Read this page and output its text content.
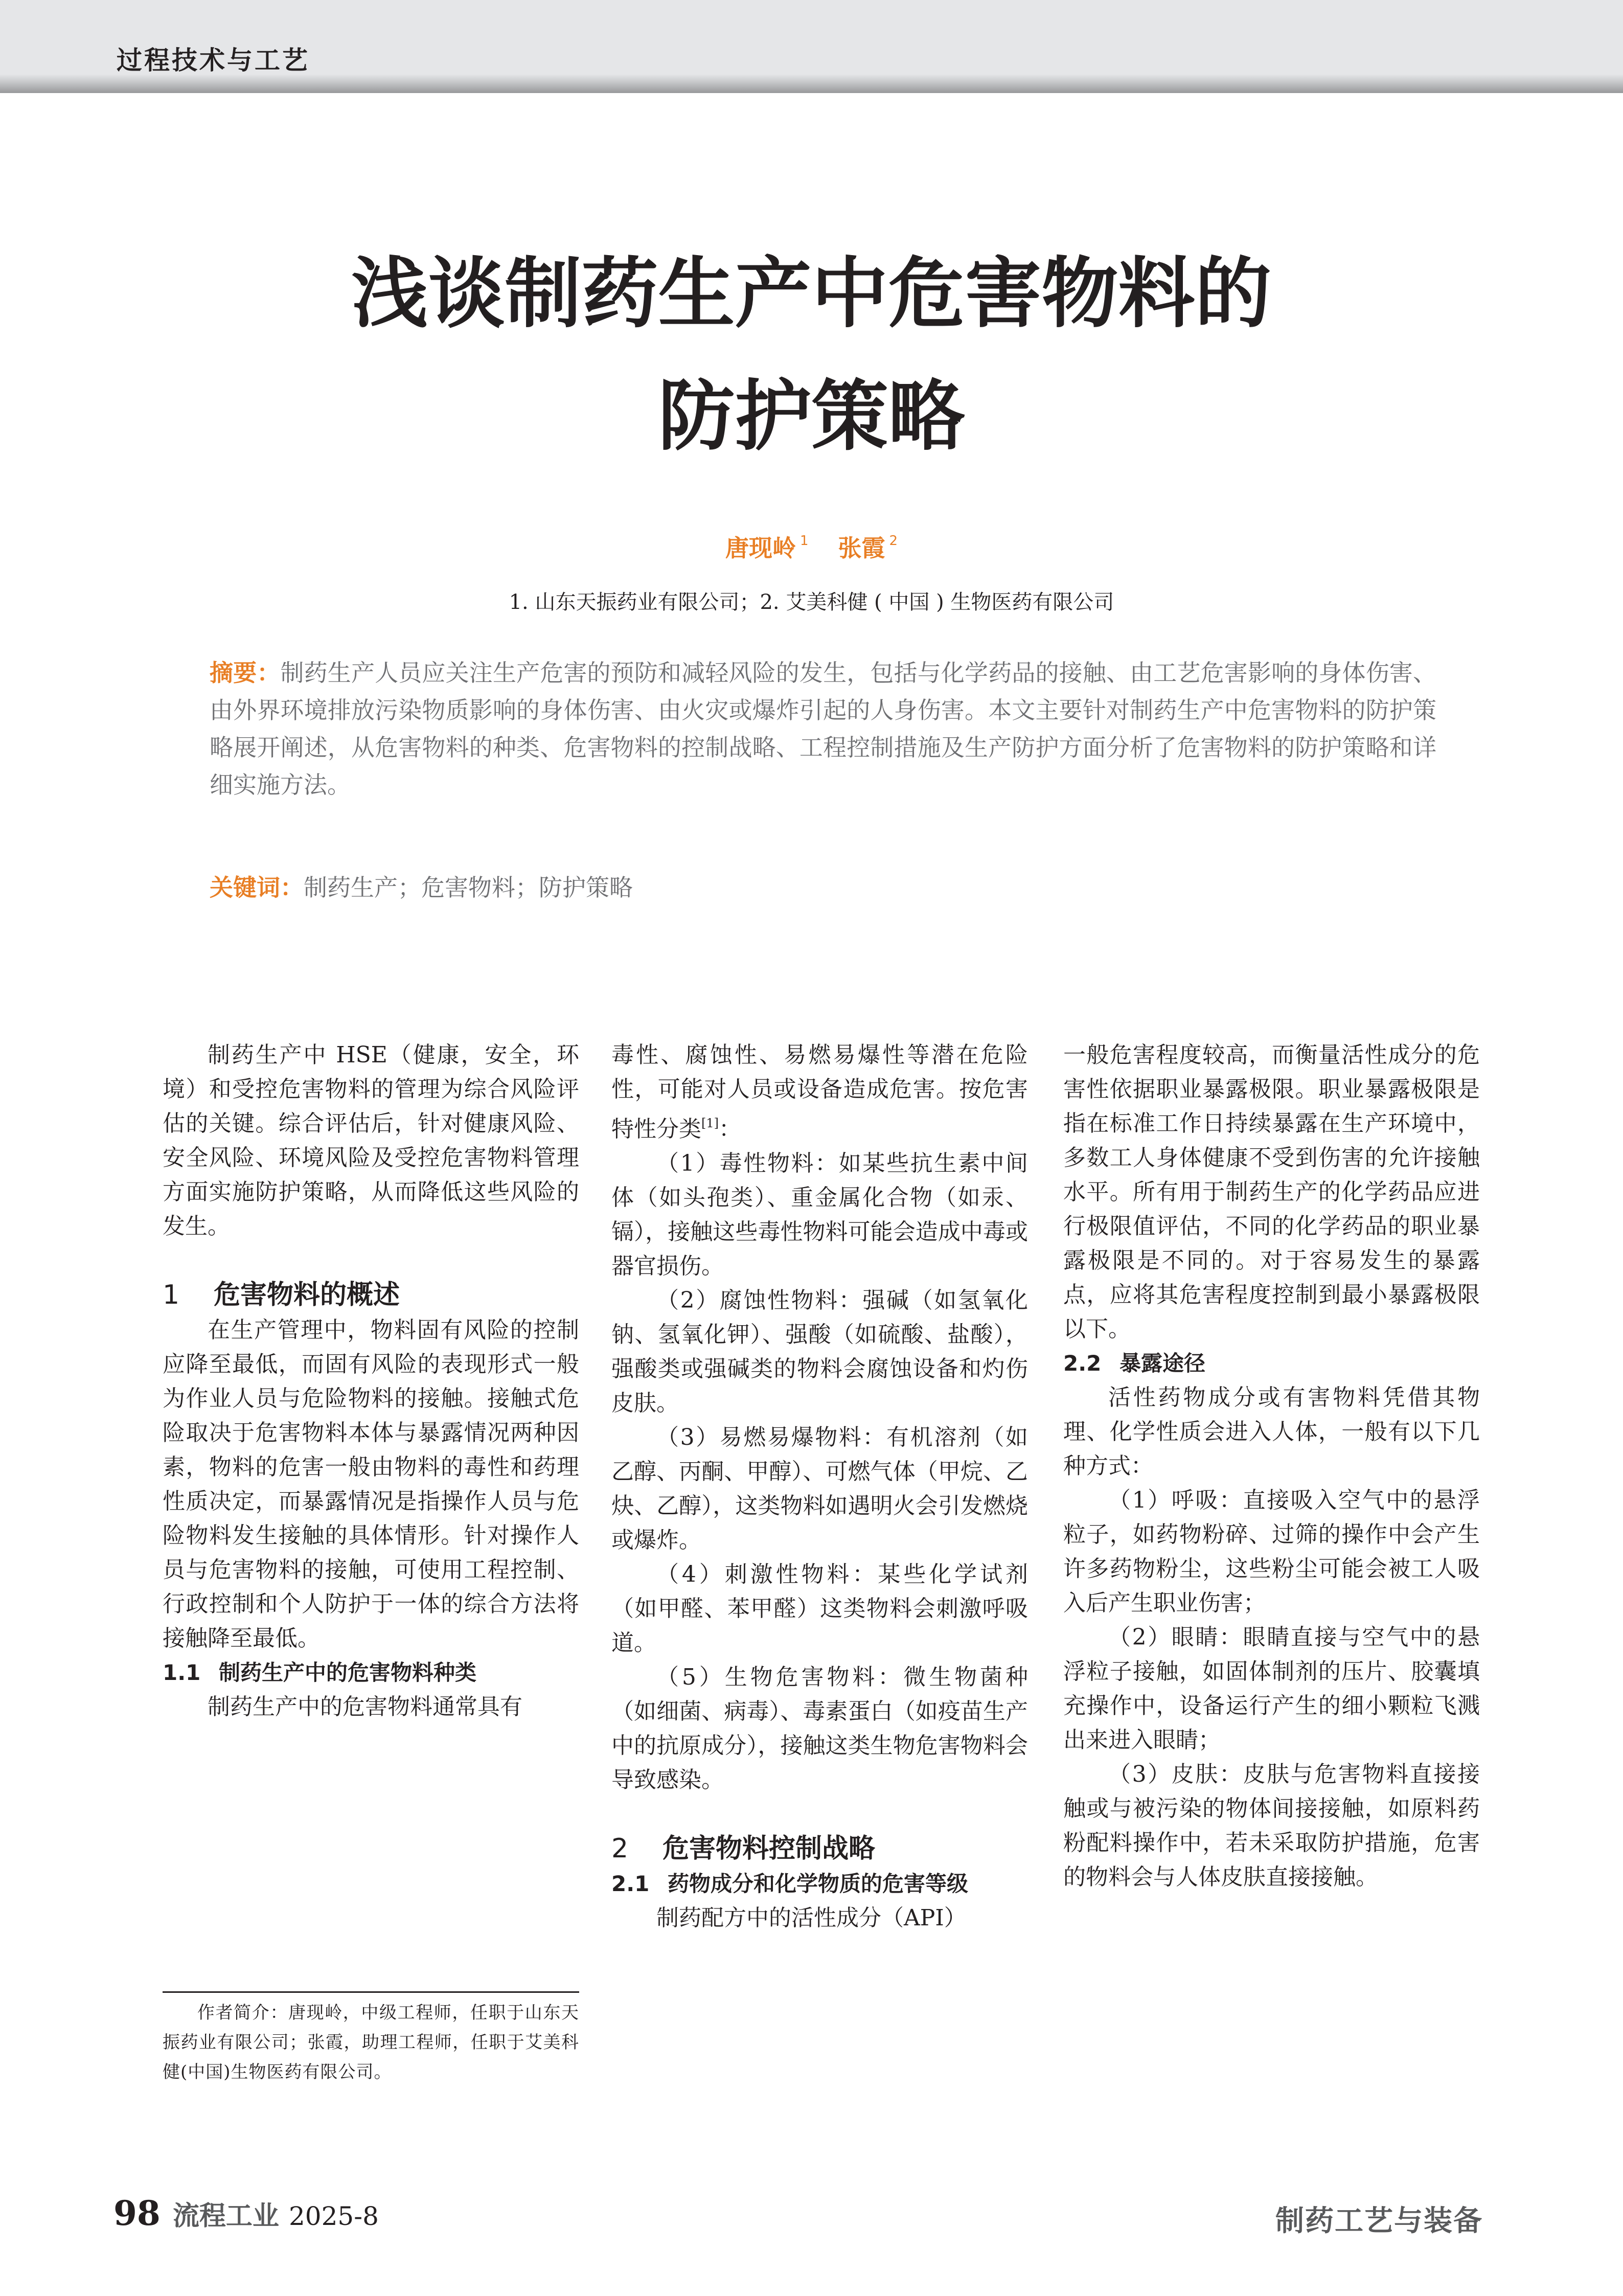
过程技术与工艺
浅谈制药生产中危害物料的
防护策略
唐现岭 $^1$ 张霞 $^2$
1. 山东天振药业有限公司；2. 艾美科健 ( 中国 ) 生物医药有限公司
摘要：制药生产人员应关注生产危害的预防和减轻风险的发生，包括与化学药品的接触、由工艺危害影响的身体伤害、由外界环境排放污染物质影响的身体伤害、由火灾或爆炸引起的人身伤害。本文主要针对制药生产中危害物料的防护策略展开阐述，从危害物料的种类、危害物料的控制战略、工程控制措施及生产防护方面分析了危害物料的防护策略和详细实施方法。
关键词：制药生产；危害物料；防护策略

制药生产中 HSE（健康，安全，环境）和受控危害物料的管理为综合风险评估的关键。综合评估后，针对健康风险、安全风险、环境风险及受控危害物料管理方面实施防护策略，从而降低这些风险的发生。

1 危害物料的概述

在生产管理中，物料固有风险的控制应降至最低，而固有风险的表现形式一般为作业人员与危险物料的接触。接触式危险取决于危害物料本体与暴露情况两种因素，物料的危害一般由物料的毒性和药理性质决定，而暴露情况是指操作人员与危险物料发生接触的具体情形。针对操作人员与危害物料的接触，可使用工程控制、行政控制和个人防护于一体的综合方法将接触降至最低。

1.1 制药生产中的危害物料种类

制药生产中的危害物料通常具有

毒性、腐蚀性、易燃易爆性等潜在危险性，可能对人员或设备造成危害。按危害特性分类[1]：

（1）毒性物料：如某些抗生素中间体（如头孢类）、重金属化合物（如汞、镉），接触这些毒性物料可能会造成中毒或器官损伤。

（2）腐蚀性物料：强碱（如氢氧化钠、氢氧化钾）、强酸（如硫酸、盐酸），强酸类或强碱类的物料会腐蚀设备和灼伤皮肤。

（3）易燃易爆物料：有机溶剂（如乙醇、丙酮、甲醇）、可燃气体（甲烷、乙炔、乙醇），这类物料如遇明火会引发燃烧或爆炸。

（4）刺激性物料：某些化学试剂（如甲醛、苯甲醛）这类物料会刺激呼吸道。

（5）生物危害物料：微生物菌种（如细菌、病毒）、毒素蛋白（如疫苗生产中的抗原成分），接触这类生物危害物料会导致感染。

2 危害物料控制战略
2.1 药物成分和化学物质的危害等级

制药配方中的活性成分（API）

一般危害程度较高，而衡量活性成分的危害性依据职业暴露极限。职业暴露极限是指在标准工作日持续暴露在生产环境中，多数工人身体健康不受到伤害的允许接触水平。所有用于制药生产的化学药品应进行极限值评估，不同的化学药品的职业暴露极限是不同的。对于容易发生的暴露点，应将其危害程度控制到最小暴露极限以下。

2.2 暴露途径

活性药物成分或有害物料凭借其物理、化学性质会进入人体，一般有以下几种方式：

（1）呼吸：直接吸入空气中的悬浮粒子，如药物粉碎、过筛的操作中会产生许多药物粉尘，这些粉尘可能会被工人吸入后产生职业伤害；

（2）眼睛：眼睛直接与空气中的悬浮粒子接触，如固体制剂的压片、胶囊填充操作中，设备运行产生的细小颗粒飞溅出来进入眼睛；

（3）皮肤：皮肤与危害物料直接接触或与被污染的物体间接接触，如原料药粉配料操作中，若未采取防护措施，危害的物料会与人体皮肤直接接触。

作者简介：唐现岭，中级工程师，任职于山东天振药业有限公司；张霞，助理工程师，任职于艾美科健(中国)生物医药有限公司。

98 流程工业 2025-8	制药工艺与装备
